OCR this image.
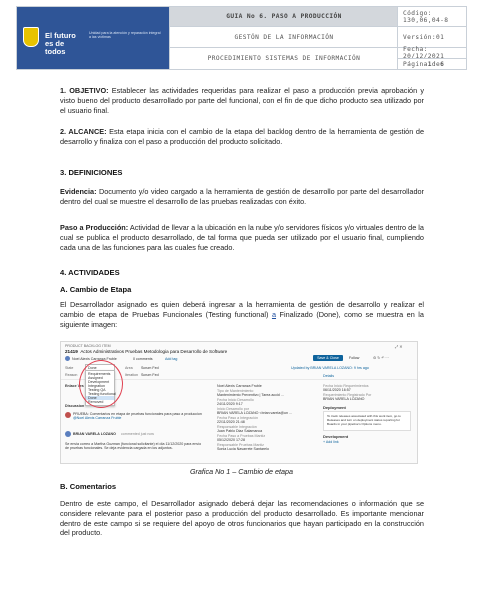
El futuro es de todos
Unidad para la atención y reparación integral a las víctimas
GUIA No 6. PASO A PRODUCCIÓN
GESTÓN DE LA INFORMACIÓN
PROCEDIMIENTO SISTEMAS DE INFORMACIÓN
Código: 130,06,04-8
Versión:01
Fecha: 20/12/2021
Página 1 de 6
1. OBJETIVO: Establecer las actividades requeridas para realizar el paso a producción previa aprobación y visto bueno del producto desarrollado por parte del funcional, con el fin de que dicho producto sea utilizado por el usuario final.
2. ALCANCE: Esta etapa inicia con el cambio de la etapa del backlog dentro de la herramienta de gestión de desarrollo y finaliza con el paso a producción del producto solicitado.
3. DEFINICIONES
Evidencia: Documento y/o video cargado a la herramienta de gestión de desarrollo por parte del desarrollador dentro del cual se muestre el desarrollo de las pruebas realizadas con éxito.
Paso a Producción: Actividad de llevar a la ubicación en la nube y/o servidores físicos y/o virtuales dentro de la cual se publica el producto desarrollado, de tal forma que pueda ser utilizado por el usuario final, cumpliendo cada una de las funciones para las cuales fue creado.
4. ACTIVIDADES
A. Cambio de Etapa
El Desarrollador asignado es quien deberá ingresar a la herramienta de gestión de desarrollo y realizar el cambio de etapa de Pruebas Funcionales (Testing functional) a Finalizado (Done), como se muestra en la siguiente imagen:
PRODUCT BACKLOG ITEM
21419 Actos Administrativos Pruebas Metodologia para Desarrollo de Software
⤢ ✕
Noel Alexis Carranza Fruble	0 comments	Add tag	Save & Close	Follow	⚙ ↻ ↶ ⋯
State	Done
Reason
Area Scrum Fed
Iteration Scrum Fed
Updated by BRIAN VARELA LOZANO: 9 hrs ago
Details
Enlace Ves
Discussion
PRUEBA: Comentarios en etapa de pruebas funcionales para paso a produccion
@Noel Alexis Carranza Fruble
BRIAN VARELA LOZANO commented just now
Se envia correo a Martha Guzman (funcional solicitante) el día 11/12/2020 para envío de pruebas funcionales. Se deja evidencia cargada en los adjuntos.
Requirements
Assigned
Development
Integration
Testing QA
Testing functional
Done
Removed
Noel Alexis Carranza Fruble
Tipo de Mantenimiento
Mantenimiento Preventivo | Tarea accid ...
Fecha Inicio Desarrollo
24/11/2020 9:17
Inicio Desarrollo por
BRIAN VARELA LOZANO <brian.varela@un ...
Fecha Paso a Integración
22/11/2020 21:48
Responsable Integración
Juan Pablo Diaz Salamanca
Fecha Paso a Pruebas Mantiz
05/12/2020 17:28
Responsable Pruebas Mantiz
Sonia Lucia Navarrete Santarelo
Fecha Inicio Requerimientos
06/11/2020 16:57
Requerimiento Registrado Por
BRIAN VARELA LOZANO
Deployment
To track releases associated with this work item, go to Releases and turn on deployment status reporting for Boards in your pipeline's Options menu.
Development
+ Add link
Grafica No 1 – Cambio de etapa
B. Comentarios
Dentro de este campo, el Desarrollador asignado deberá dejar las recomendaciones o información que se considere relevante para el posterior paso a producción del producto desarrollado. Es importante mencionar dentro de este campo si se requiere del apoyo de otros funcionarios que hayan participado en la construcción del producto.
